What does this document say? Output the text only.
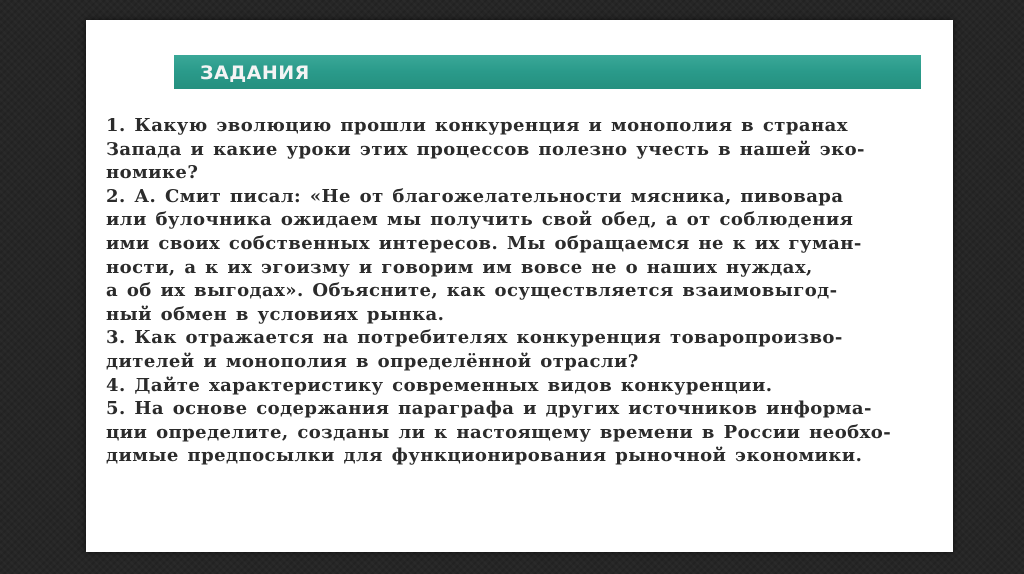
ЗАДАНИЯ
1. Какую эволюцию прошли конкуренция и монополия в странах
Запада и какие уроки этих процессов полезно учесть в нашей эко-
номике?
2. А. Смит писал: «Не от благожелательности мясника, пивовара
или булочника ожидаем мы получить свой обед, а от соблюдения
ими своих собственных интересов. Мы обращаемся не к их гуман-
ности, а к их эгоизму и говорим им вовсе не о наших нуждах,
а об их выгодах». Объясните, как осуществляется взаимовыгод-
ный обмен в условиях рынка.
3. Как отражается на потребителях конкуренция товаропроизво-
дителей и монополия в определённой отрасли?
4. Дайте характеристику современных видов конкуренции.
5. На основе содержания параграфа и других источников информа-
ции определите, созданы ли к настоящему времени в России необхо-
димые предпосылки для функционирования рыночной экономики.
